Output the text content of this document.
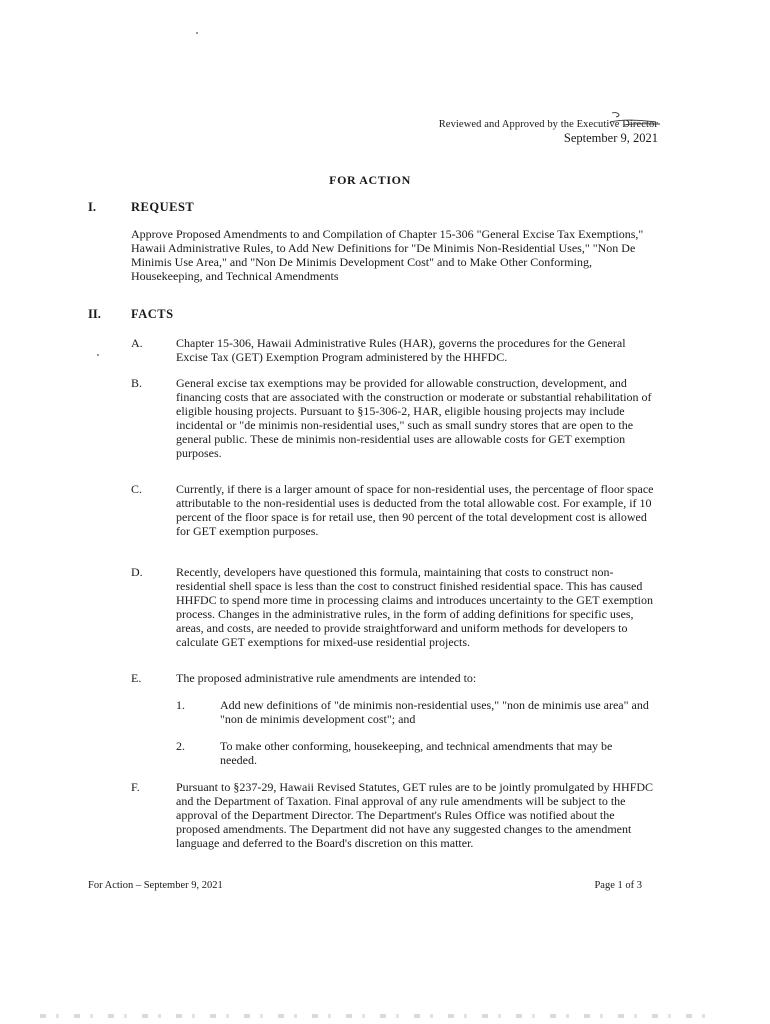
Reviewed and Approved by the Executive Director
September 9, 2021
FOR ACTION
I.	REQUEST
Approve Proposed Amendments to and Compilation of Chapter 15-306 "General Excise Tax Exemptions," Hawaii Administrative Rules, to Add New Definitions for "De Minimis Non-Residential Uses," "Non De Minimis Use Area," and "Non De Minimis Development Cost" and to Make Other Conforming, Housekeeping, and Technical Amendments
II. FACTS
A.	Chapter 15-306, Hawaii Administrative Rules (HAR), governs the procedures for the General Excise Tax (GET) Exemption Program administered by the HHFDC.
B.	General excise tax exemptions may be provided for allowable construction, development, and financing costs that are associated with the construction or moderate or substantial rehabilitation of eligible housing projects. Pursuant to §15-306-2, HAR, eligible housing projects may include incidental or "de minimis non-residential uses," such as small sundry stores that are open to the general public. These de minimis non-residential uses are allowable costs for GET exemption purposes.
C.	Currently, if there is a larger amount of space for non-residential uses, the percentage of floor space attributable to the non-residential uses is deducted from the total allowable cost. For example, if 10 percent of the floor space is for retail use, then 90 percent of the total development cost is allowed for GET exemption purposes.
D.	Recently, developers have questioned this formula, maintaining that costs to construct non-residential shell space is less than the cost to construct finished residential space. This has caused HHFDC to spend more time in processing claims and introduces uncertainty to the GET exemption process. Changes in the administrative rules, in the form of adding definitions for specific uses, areas, and costs, are needed to provide straightforward and uniform methods for developers to calculate GET exemptions for mixed-use residential projects.
E.	The proposed administrative rule amendments are intended to:
1.	Add new definitions of "de minimis non-residential uses," "non de minimis use area" and "non de minimis development cost"; and
2.	To make other conforming, housekeeping, and technical amendments that may be needed.
F.	Pursuant to §237-29, Hawaii Revised Statutes, GET rules are to be jointly promulgated by HHFDC and the Department of Taxation. Final approval of any rule amendments will be subject to the approval of the Department Director. The Department's Rules Office was notified about the proposed amendments. The Department did not have any suggested changes to the amendment language and deferred to the Board's discretion on this matter.
For Action – September 9, 2021	Page 1 of 3
